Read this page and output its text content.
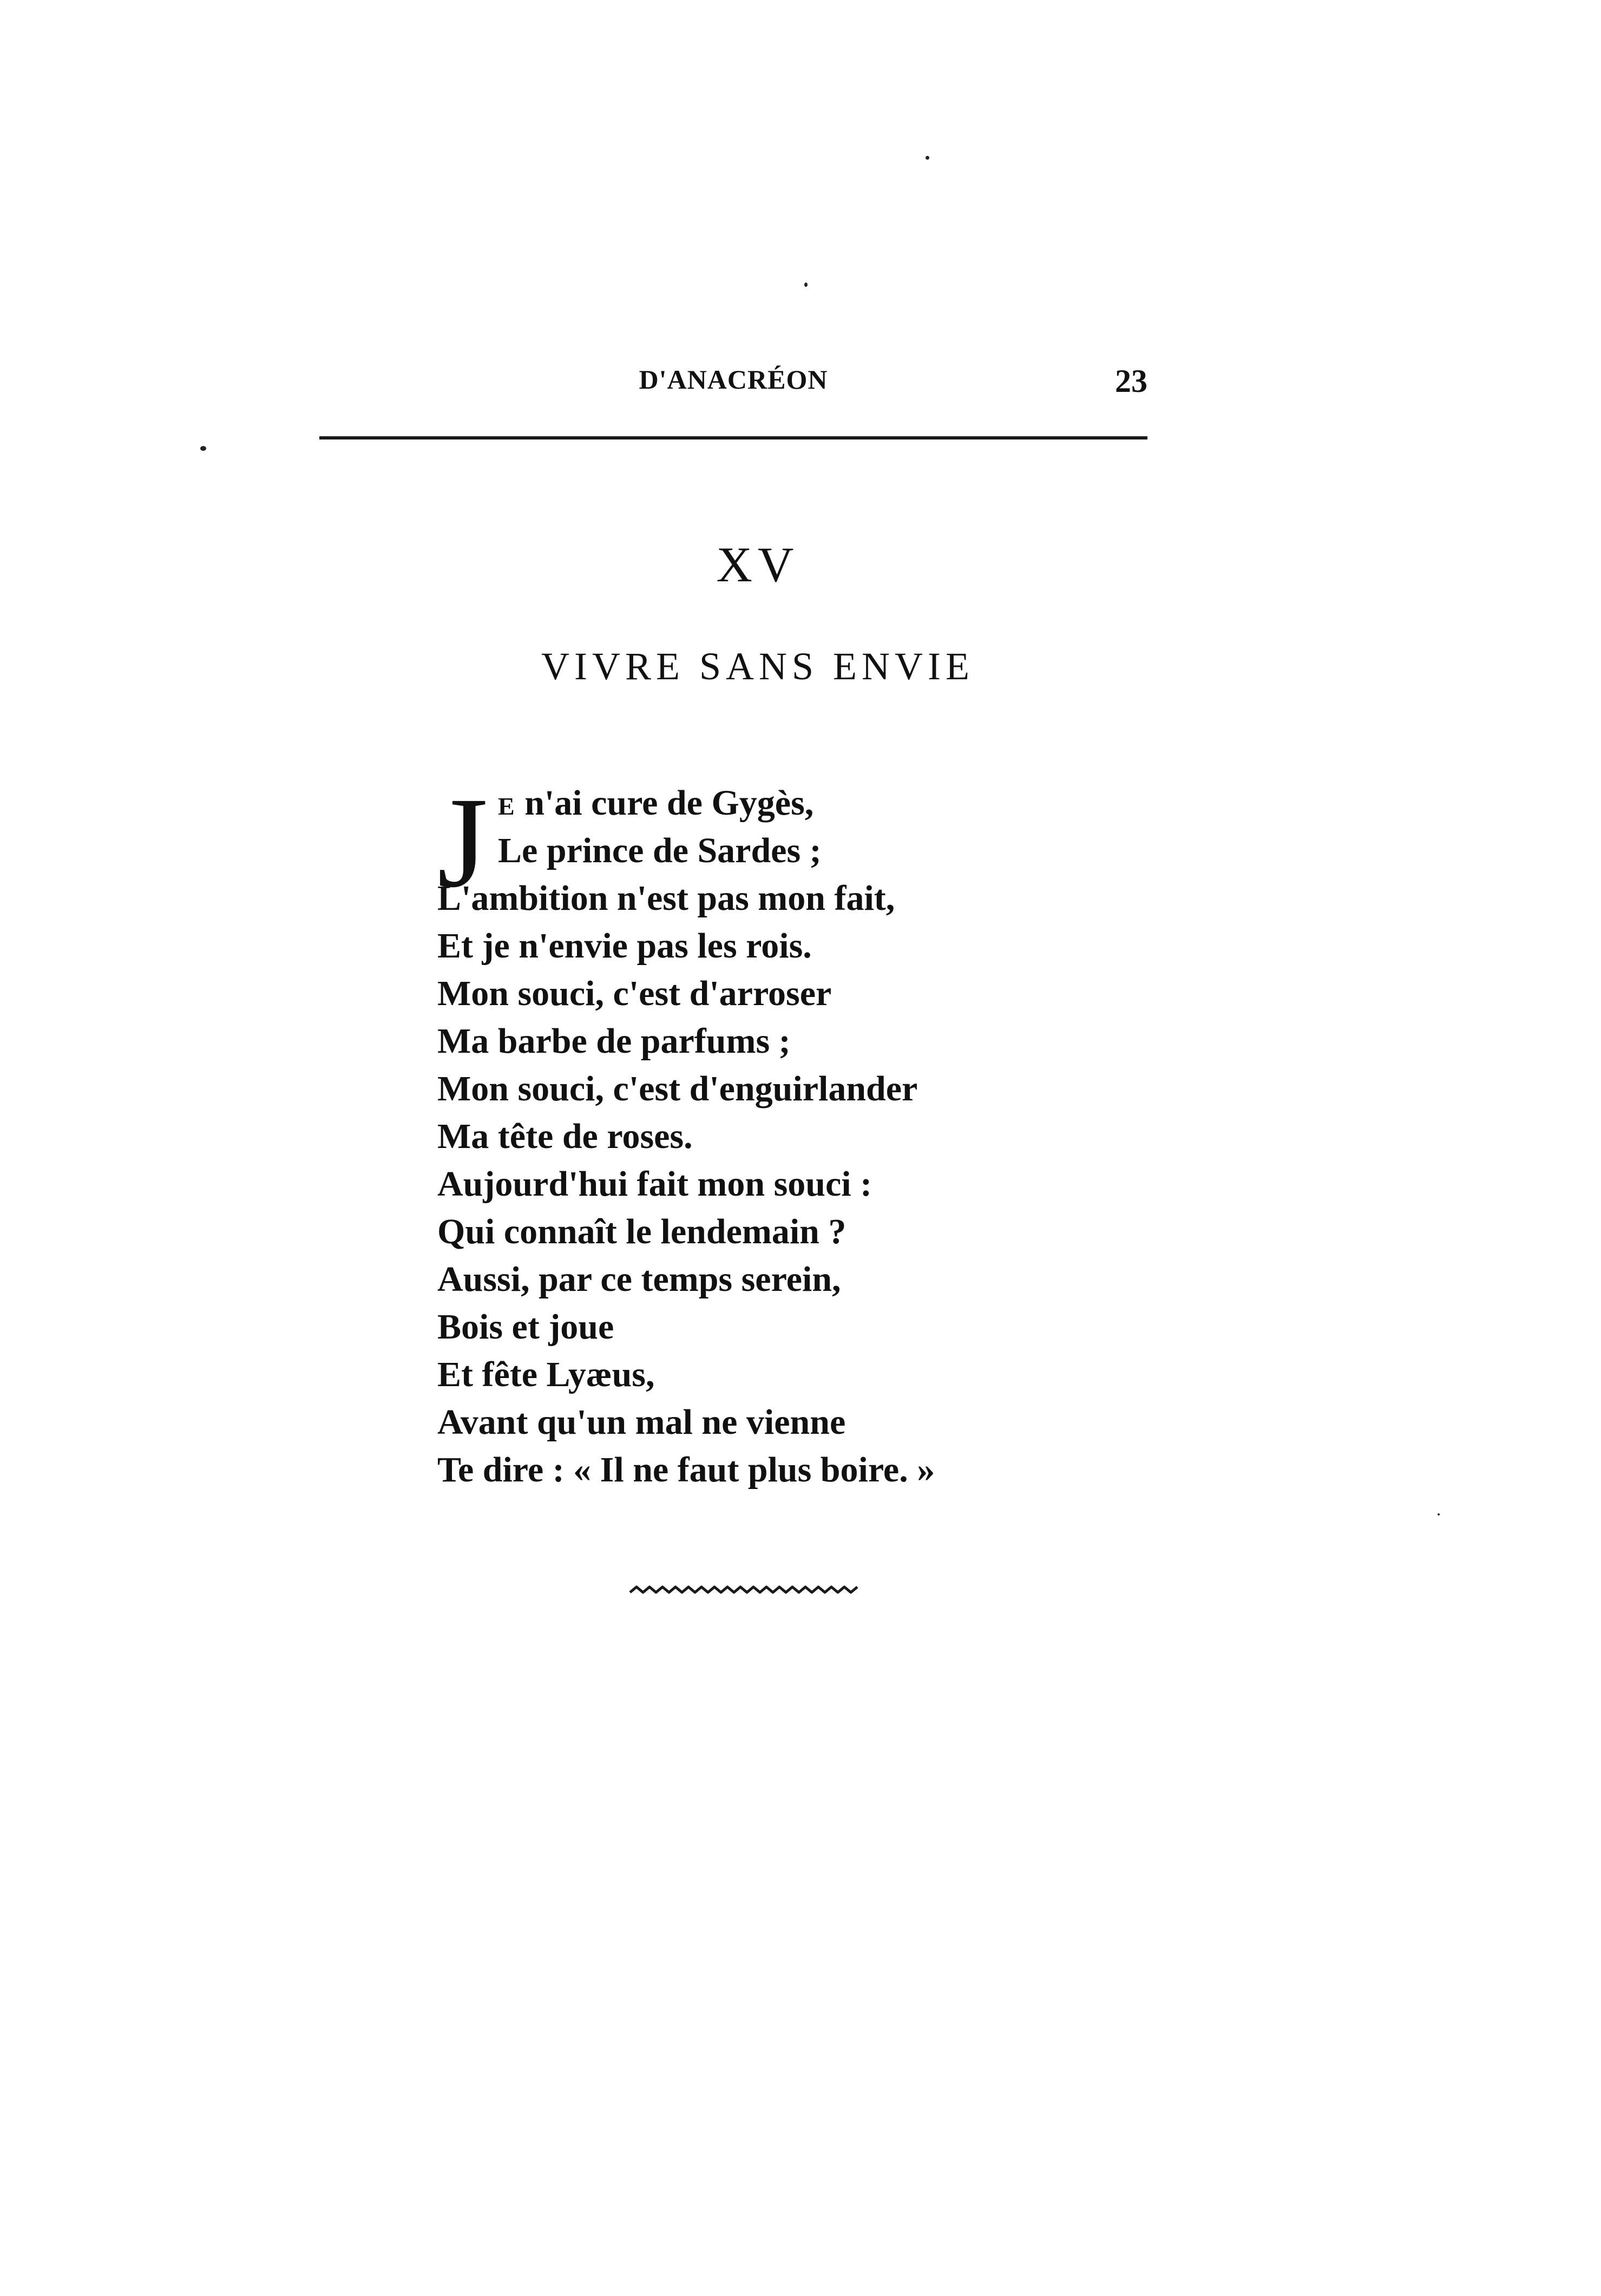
D'ANACRÉON	23
XV
VIVRE SANS ENVIE
J E n'ai cure de Gygès,
Le prince de Sardes ;
L'ambition n'est pas mon fait,
Et je n'envie pas les rois.
Mon souci, c'est d'arroser
Ma barbe de parfums ;
Mon souci, c'est d'enguirlander
Ma tête de roses.
Aujourd'hui fait mon souci :
Qui connaît le lendemain ?
Aussi, par ce temps serein,
Bois et joue
Et fête Lyæus,
Avant qu'un mal ne vienne
Te dire : « Il ne faut plus boire. »
